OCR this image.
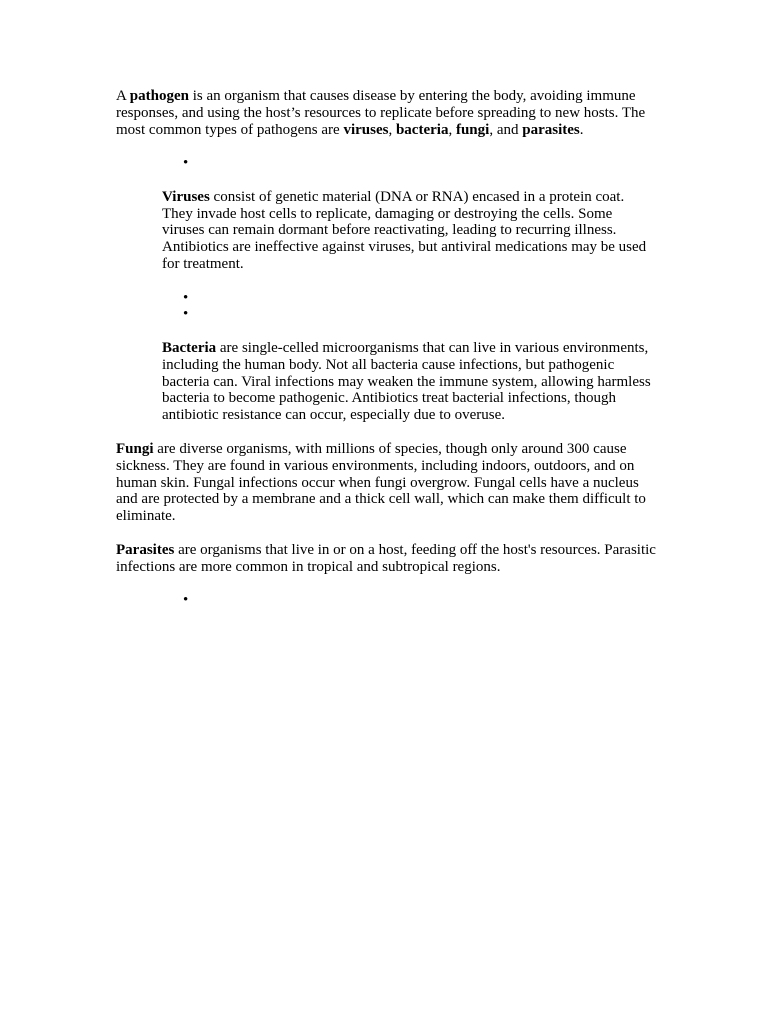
A pathogen is an organism that causes disease by entering the body, avoiding immune responses, and using the host’s resources to replicate before spreading to new hosts. The most common types of pathogens are viruses, bacteria, fungi, and parasites.

•

Viruses consist of genetic material (DNA or RNA) encased in a protein coat. They invade host cells to replicate, damaging or destroying the cells. Some viruses can remain dormant before reactivating, leading to recurring illness. Antibiotics are ineffective against viruses, but antiviral medications may be used for treatment.

•
•

Bacteria are single-celled microorganisms that can live in various environments, including the human body. Not all bacteria cause infections, but pathogenic bacteria can. Viral infections may weaken the immune system, allowing harmless bacteria to become pathogenic. Antibiotics treat bacterial infections, though antibiotic resistance can occur, especially due to overuse.

Fungi are diverse organisms, with millions of species, though only around 300 cause sickness. They are found in various environments, including indoors, outdoors, and on human skin. Fungal infections occur when fungi overgrow. Fungal cells have a nucleus and are protected by a membrane and a thick cell wall, which can make them difficult to eliminate.

Parasites are organisms that live in or on a host, feeding off the host's resources. Parasitic infections are more common in tropical and subtropical regions.

•
